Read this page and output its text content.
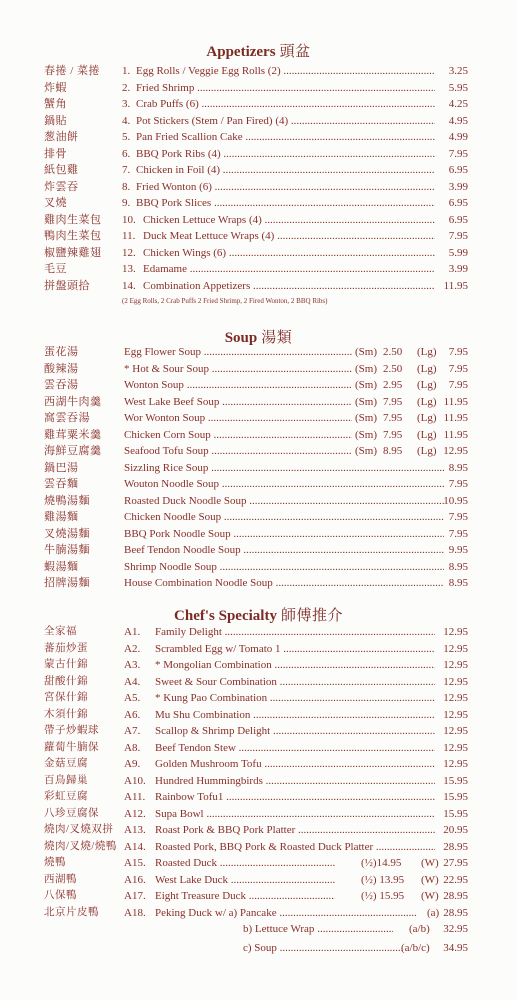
Appetizers 頭盆
春捲 / 菜捲 1. Egg Rolls / Veggie Egg Rolls (2) .....	3.25
炸蝦	2. Fried Shrimp .....	5.95
蟹角	3. Crab Puffs (6) .....	4.25
鍋貼	4. Pot Stickers (Stem / Pan Fired) (4) .....	4.95
葱油餅	5. Pan Fried Scallion Cake .....	4.99
排骨	6. BBQ Pork Ribs (4) .....	7.95
紙包雞	7. Chicken in Foil (4) .....	6.95
炸雲吞	8. Fried Wonton (6) .....	3.99
叉燒	9. BBQ Pork Slices .....	6.95
雞肉生菜包 10. Chicken Lettuce Wraps (4) .....	6.95
鴨肉生菜包 11. Duck Meat Lettuce Wraps (4) .....	7.95
椒鹽辣雞翅 12. Chicken Wings (6) .....	5.99
毛豆	13. Edamame .....	3.99
拼盤頭拾	14. Combination Appetizers .....	11.95
(2 Egg Rolls, 2 Crab Puffs 2 Fried Shrimp, 2 Fired Wonton, 2 BBQ Ribs)
Soup 湯類
蛋花湯	Egg Flower Soup .....	(Sm) 2.50 (Lg) 7.95
酸辣湯	* Hot & Sour Soup .....	(Sm) 2.50 (Lg) 7.95
雲吞湯	Wonton Soup .....	(Sm) 2.95 (Lg) 7.95
西湖牛肉羹 West Lake Beef Soup .....	(Sm) 7.95 (Lg) 11.95
窩雲吞湯	Wor Wonton Soup .....	(Sm) 7.95 (Lg) 11.95
雞茸粟米羹 Chicken Corn Soup .....	(Sm) 7.95 (Lg) 11.95
海鮮豆腐羹 Seafood Tofu Soup .....	(Sm) 8.95 (Lg) 12.95
鍋巴湯	Sizzling Rice Soup .....	8.95
雲吞麵	Wouton Noodle Soup .....	7.95
燒鴨湯麵	Roasted Duck Noodle Soup .....	10.95
雞湯麵	Chicken Noodle Soup .....	7.95
叉燒湯麵	BBQ Pork Noodle Soup .....	7.95
牛腩湯麵	Beef Tendon Noodle Soup .....	9.95
蝦湯麵	Shrimp Noodle Soup .....	8.95
招牌湯麵	House Combination Noodle Soup .....	8.95
Chef's Specialty 師傅推介
全家福	A1. Family Delight .....	12.95
蕃茄炒蛋	A2. Scrambled Egg w/ Tomato 1 .....	12.95
蒙古什錦	A3. * Mongolian Combination .....	12.95
甜酸什錦	A4. Sweet & Sour Combination .....	12.95
宮保什錦	A5. * Kung Pao Combination .....	12.95
木須什錦	A6. Mu Shu Combination .....	12.95
帶子炒蝦球 A7. Scallop & Shrimp Delight .....	12.95
蘿蔔牛腩保 A8. Beef Tendon Stew .....	12.95
金菇豆腐	A9. Golden Mushroom Tofu .....	12.95
百鳥歸巢	A10. Hundred Hummingbirds .....	15.95
彩虹豆腐	A11. Rainbow Tofu1 .....	15.95
八珍豆腐保 A12. Supa Bowl .....	15.95
燒肉/叉燒双拼 A13. Roast Pork & BBQ Pork Platter .....	20.95
燒肉/叉燒/燒鴨 A14. Roasted Pork, BBQ Pork & Roasted Duck Platter .....	28.95
燒鴨	A15. Roasted Duck .....	(½)14.95 (W) 27.95
西湖鴨	A16. West Lake Duck .....	(½) 13.95 (W) 22.95
八保鴨	A17. Eight Treasure Duck .....	(½) 15.95 (W) 28.95
北京片皮鴨 A18. Peking Duck w/ a) Pancake .....	(a) 28.95
b) Lettuce Wrap .....	(a/b) 32.95
c) Soup .....	(a/b/c) 34.95
